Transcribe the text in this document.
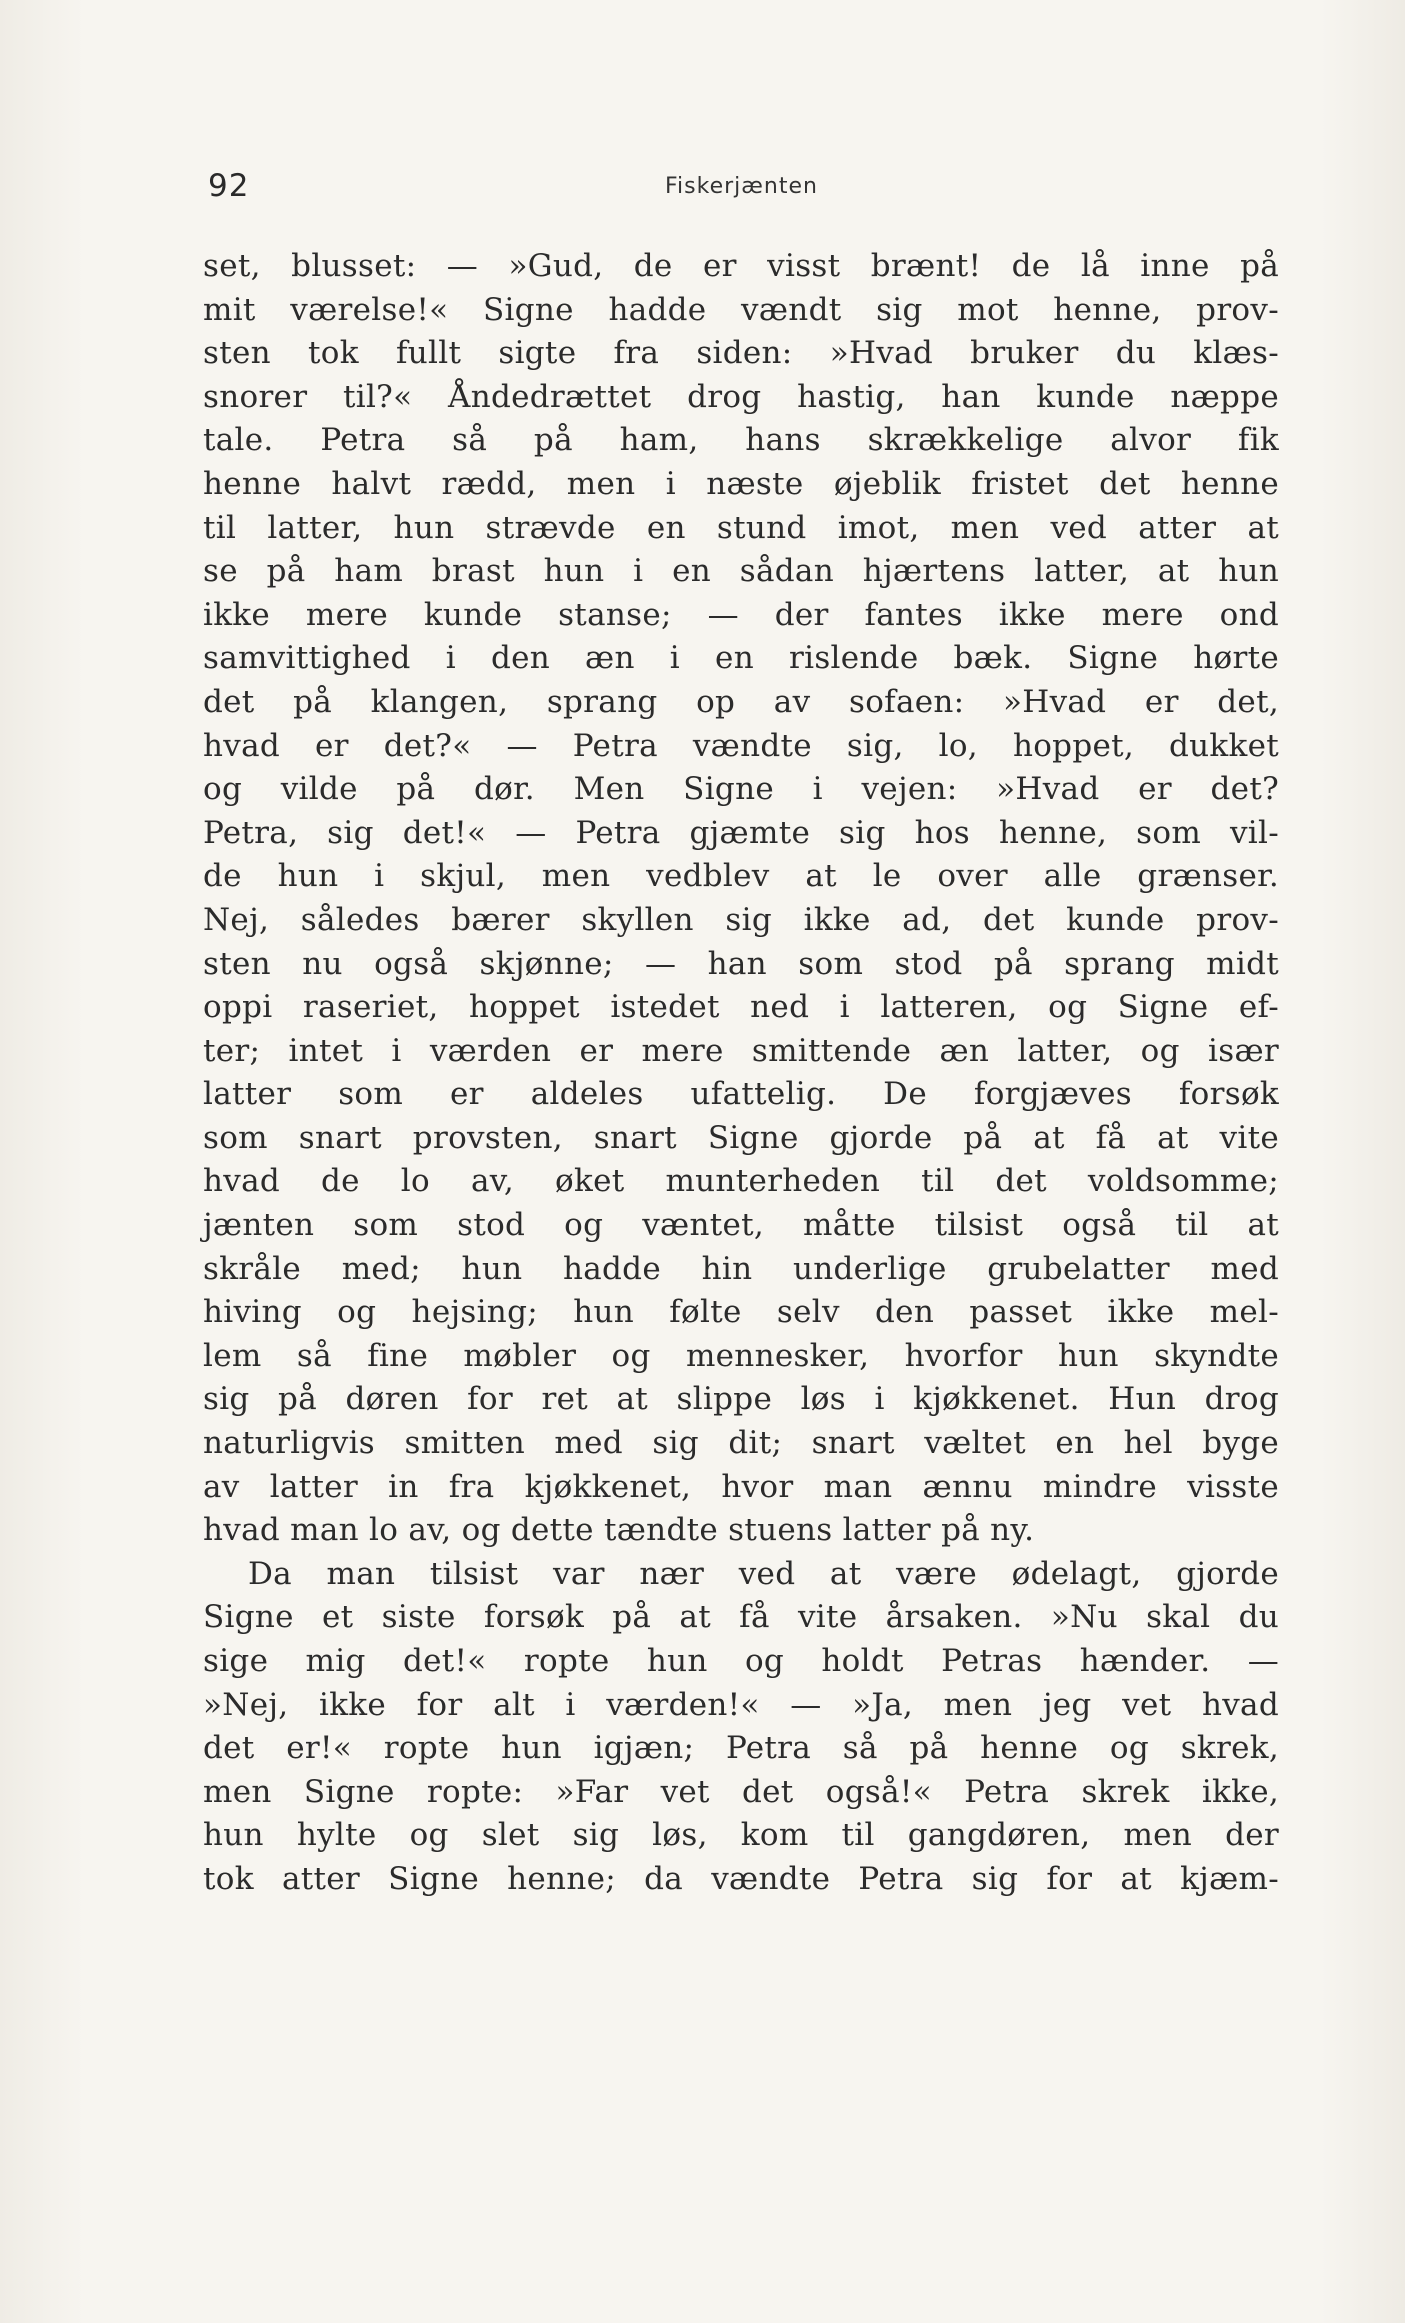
92	Fiskerjænten
set, blusset: — »Gud, de er visst brænt! de lå inne på
mit værelse!« Signe hadde vændt sig mot henne, prov-
sten tok fullt sigte fra siden: »Hvad bruker du klæs-
snorer til?« Åndedrættet drog hastig, han kunde næppe
tale. Petra så på ham, hans skrækkelige alvor fik
henne halvt rædd, men i næste øjeblik fristet det henne
til latter, hun strævde en stund imot, men ved atter at
se på ham brast hun i en sådan hjærtens latter, at hun
ikke mere kunde stanse; — der fantes ikke mere ond
samvittighed i den æn i en rislende bæk. Signe hørte
det på klangen, sprang op av sofaen: »Hvad er det,
hvad er det?« — Petra vændte sig, lo, hoppet, dukket
og vilde på dør. Men Signe i vejen: »Hvad er det?
Petra, sig det!« — Petra gjæmte sig hos henne, som vil-
de hun i skjul, men vedblev at le over alle grænser.
Nej, således bærer skyllen sig ikke ad, det kunde prov-
sten nu også skjønne; — han som stod på sprang midt
oppi raseriet, hoppet istedet ned i latteren, og Signe ef-
ter; intet i værden er mere smittende æn latter, og især
latter som er aldeles ufattelig. De forgjæves forsøk
som snart provsten, snart Signe gjorde på at få at vite
hvad de lo av, øket munterheden til det voldsomme;
jænten som stod og væntet, måtte tilsist også til at
skråle med; hun hadde hin underlige grubelatter med
hiving og hejsing; hun følte selv den passet ikke mel-
lem så fine møbler og mennesker, hvorfor hun skyndte
sig på døren for ret at slippe løs i kjøkkenet. Hun drog
naturligvis smitten med sig dit; snart væltet en hel byge
av latter in fra kjøkkenet, hvor man ænnu mindre visste
hvad man lo av, og dette tændte stuens latter på ny.
Da man tilsist var nær ved at være ødelagt, gjorde
Signe et siste forsøk på at få vite årsaken. »Nu skal du
sige mig det!« ropte hun og holdt Petras hænder. —
»Nej, ikke for alt i værden!« — »Ja, men jeg vet hvad
det er!« ropte hun igjæn; Petra så på henne og skrek,
men Signe ropte: »Far vet det også!« Petra skrek ikke,
hun hylte og slet sig løs, kom til gangdøren, men der
tok atter Signe henne; da vændte Petra sig for at kjæm-
